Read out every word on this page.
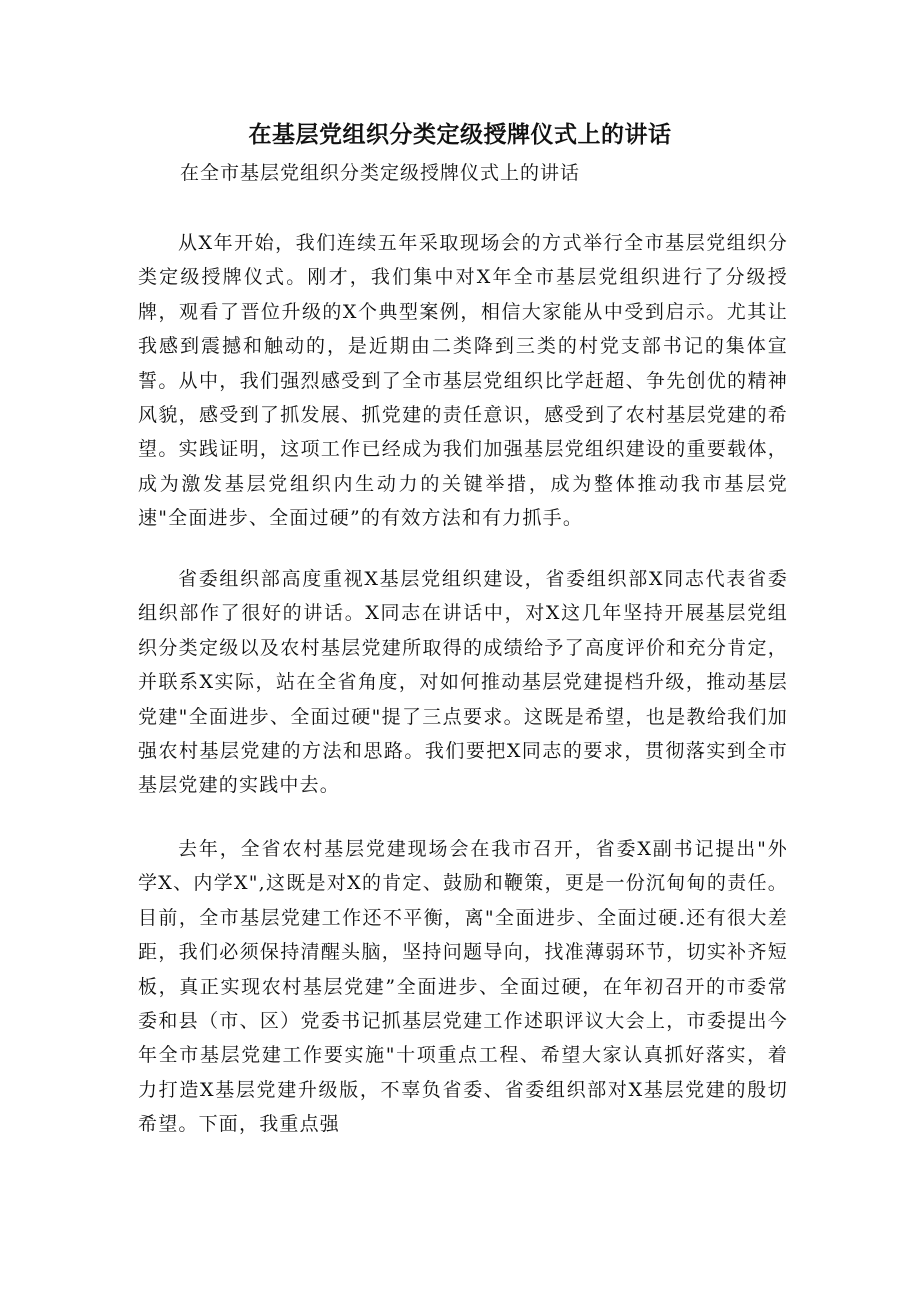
在基层党组织分类定级授牌仪式上的讲话

在全市基层党组织分类定级授牌仪式上的讲话

从X年开始，我们连续五年采取现场会的方式举行全市基层党组织分类定级授牌仪式。刚才，我们集中对X年全市基层党组织进行了分级授牌，观看了晋位升级的X个典型案例，相信大家能从中受到启示。尤其让我感到震撼和触动的，是近期由二类降到三类的村党支部书记的集体宣誓。从中，我们强烈感受到了全市基层党组织比学赶超、争先创优的精神风貌，感受到了抓发展、抓党建的责任意识，感受到了农村基层党建的希望。实践证明，这项工作已经成为我们加强基层党组织建设的重要载体，成为激发基层党组织内生动力的关键举措，成为整体推动我市基层党速"全面进步、全面过硬”的有效方法和有力抓手。

省委组织部高度重视X基层党组织建设，省委组织部X同志代表省委组织部作了很好的讲话。X同志在讲话中，对X这几年坚持开展基层党组织分类定级以及农村基层党建所取得的成绩给予了高度评价和充分肯定，并联系X实际，站在全省角度，对如何推动基层党建提档升级，推动基层党建"全面进步、全面过硬"提了三点要求。这既是希望，也是教给我们加强农村基层党建的方法和思路。我们要把X同志的要求，贯彻落实到全市基层党建的实践中去。

去年，全省农村基层党建现场会在我市召开，省委X副书记提出"外学X、内学X",这既是对X的肯定、鼓励和鞭策，更是一份沉甸甸的责任。目前，全市基层党建工作还不平衡，离"全面进步、全面过硬.还有很大差距，我们必须保持清醒头脑，坚持问题导向，找准薄弱环节，切实补齐短板，真正实现农村基层党建”全面进步、全面过硬，在年初召开的市委常委和县（市、区）党委书记抓基层党建工作述职评议大会上，市委提出今年全市基层党建工作要实施"十项重点工程、希望大家认真抓好落实，着力打造X基层党建升级版，不辜负省委、省委组织部对X基层党建的殷切希望。下面，我重点强
